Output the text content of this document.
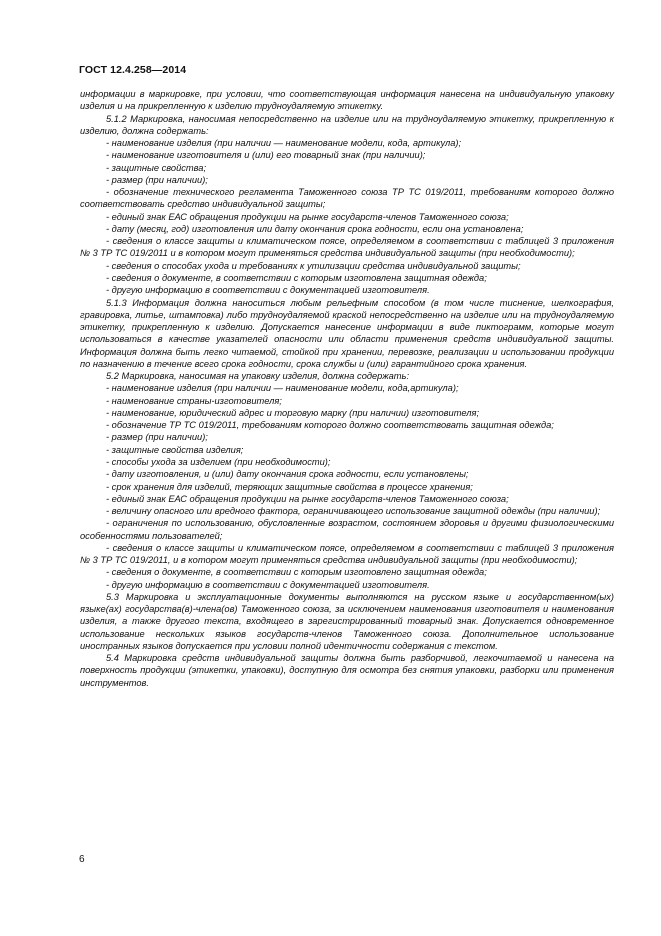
ГОСТ 12.4.258—2014

информации в маркировке, при условии, что соответствующая информация нанесена на индивидуальную упаковку изделия и на прикрепленную к изделию трудноудаляемую этикетку.

5.1.2 Маркировка, наносимая непосредственно на изделие или на трудноудаляемую этикетку, прикрепленную к изделию, должна содержать:

- наименование изделия (при наличии — наименование модели, кода, артикула);

- наименование изготовителя и (или) его товарный знак (при наличии);

- защитные свойства;

- размер (при наличии);

- обозначение технического регламента Таможенного союза ТР ТС 019/2011, требованиям которого должно соответствовать средство индивидуальной защиты;

- единый знак ЕАС обращения продукции на рынке государств-членов Таможенного союза;

- дату (месяц, год) изготовления или дату окончания срока годности, если она установлена;

- сведения о классе защиты и климатическом поясе, определяемом в соответствии с таблицей 3 приложения № 3 ТР ТС 019/2011 и в котором могут применяться средства индивидуальной защиты (при необходимости);

- сведения о способах ухода и требованиях к утилизации средства индивидуальной защиты;

- сведения о документе, в соответствии с которым изготовлена защитная одежда;

- другую информацию в соответствии с документацией изготовителя.

5.1.3 Информация должна наноситься любым рельефным способом (в том числе тиснение, шелкография, гравировка, литье, штамповка) либо трудноудаляемой краской непосредственно на изделие или на трудноудаляемую этикетку, прикрепленную к изделию. Допускается нанесение информации в виде пиктограмм, которые могут использоваться в качестве указателей опасности или области применения средств индивидуальной защиты. Информация должна быть легко читаемой, стойкой при хранении, перевозке, реализации и использовании продукции по назначению в течение всего срока годности, срока службы и (или) гарантийного срока хранения.

5.2 Маркировка, наносимая на упаковку изделия, должна содержать:

- наименование изделия (при наличии — наименование модели, кода,артикула);

- наименование страны-изготовителя;

- наименование, юридический адрес и торговую марку (при наличии) изготовителя;

- обозначение ТР ТС 019/2011, требованиям которого должно соответствовать защитная одежда;

- размер (при наличии);

- защитные свойства изделия;

- способы ухода за изделием (при необходимости);

- дату изготовления, и (или) дату окончания срока годности, если установлены;

- срок хранения для изделий, теряющих защитные свойства в процессе хранения;

- единый знак ЕАС обращения продукции на рынке государств-членов Таможенного союза;

- величину опасного или вредного фактора, ограничивающего использование защитной одежды (при наличии);

- ограничения по использованию, обусловленные возрастом, состоянием здоровья и другими физиологическими особенностями пользователей;

- сведения о классе защиты и климатическом поясе, определяемом в соответствии с таблицей 3 приложения № 3 ТР ТС 019/2011, и в котором могут применяться средства индивидуальной защиты (при необходимости);

- сведения о документе, в соответствии с которым изготовлено защитная одежда;

- другую информацию в соответствии с документацией изготовителя.

5.3 Маркировка и эксплуатационные документы выполняются на русском языке и государственном(ых) языке(ах) государства(в)-члена(ов) Таможенного союза, за исключением наименования изготовителя и наименования изделия, а также другого текста, входящего в зарегистрированный товарный знак. Допускается одновременное использование нескольких языков государств-членов Таможенного союза. Дополнительное использование иностранных языков допускается при условии полной идентичности содержания с текстом.

5.4 Маркировка средств индивидуальной защиты должна быть разборчивой, легкочитаемой и нанесена на поверхность продукции (этикетки, упаковки), доступную для осмотра без снятия упаковки, разборки или применения инструментов.

6
